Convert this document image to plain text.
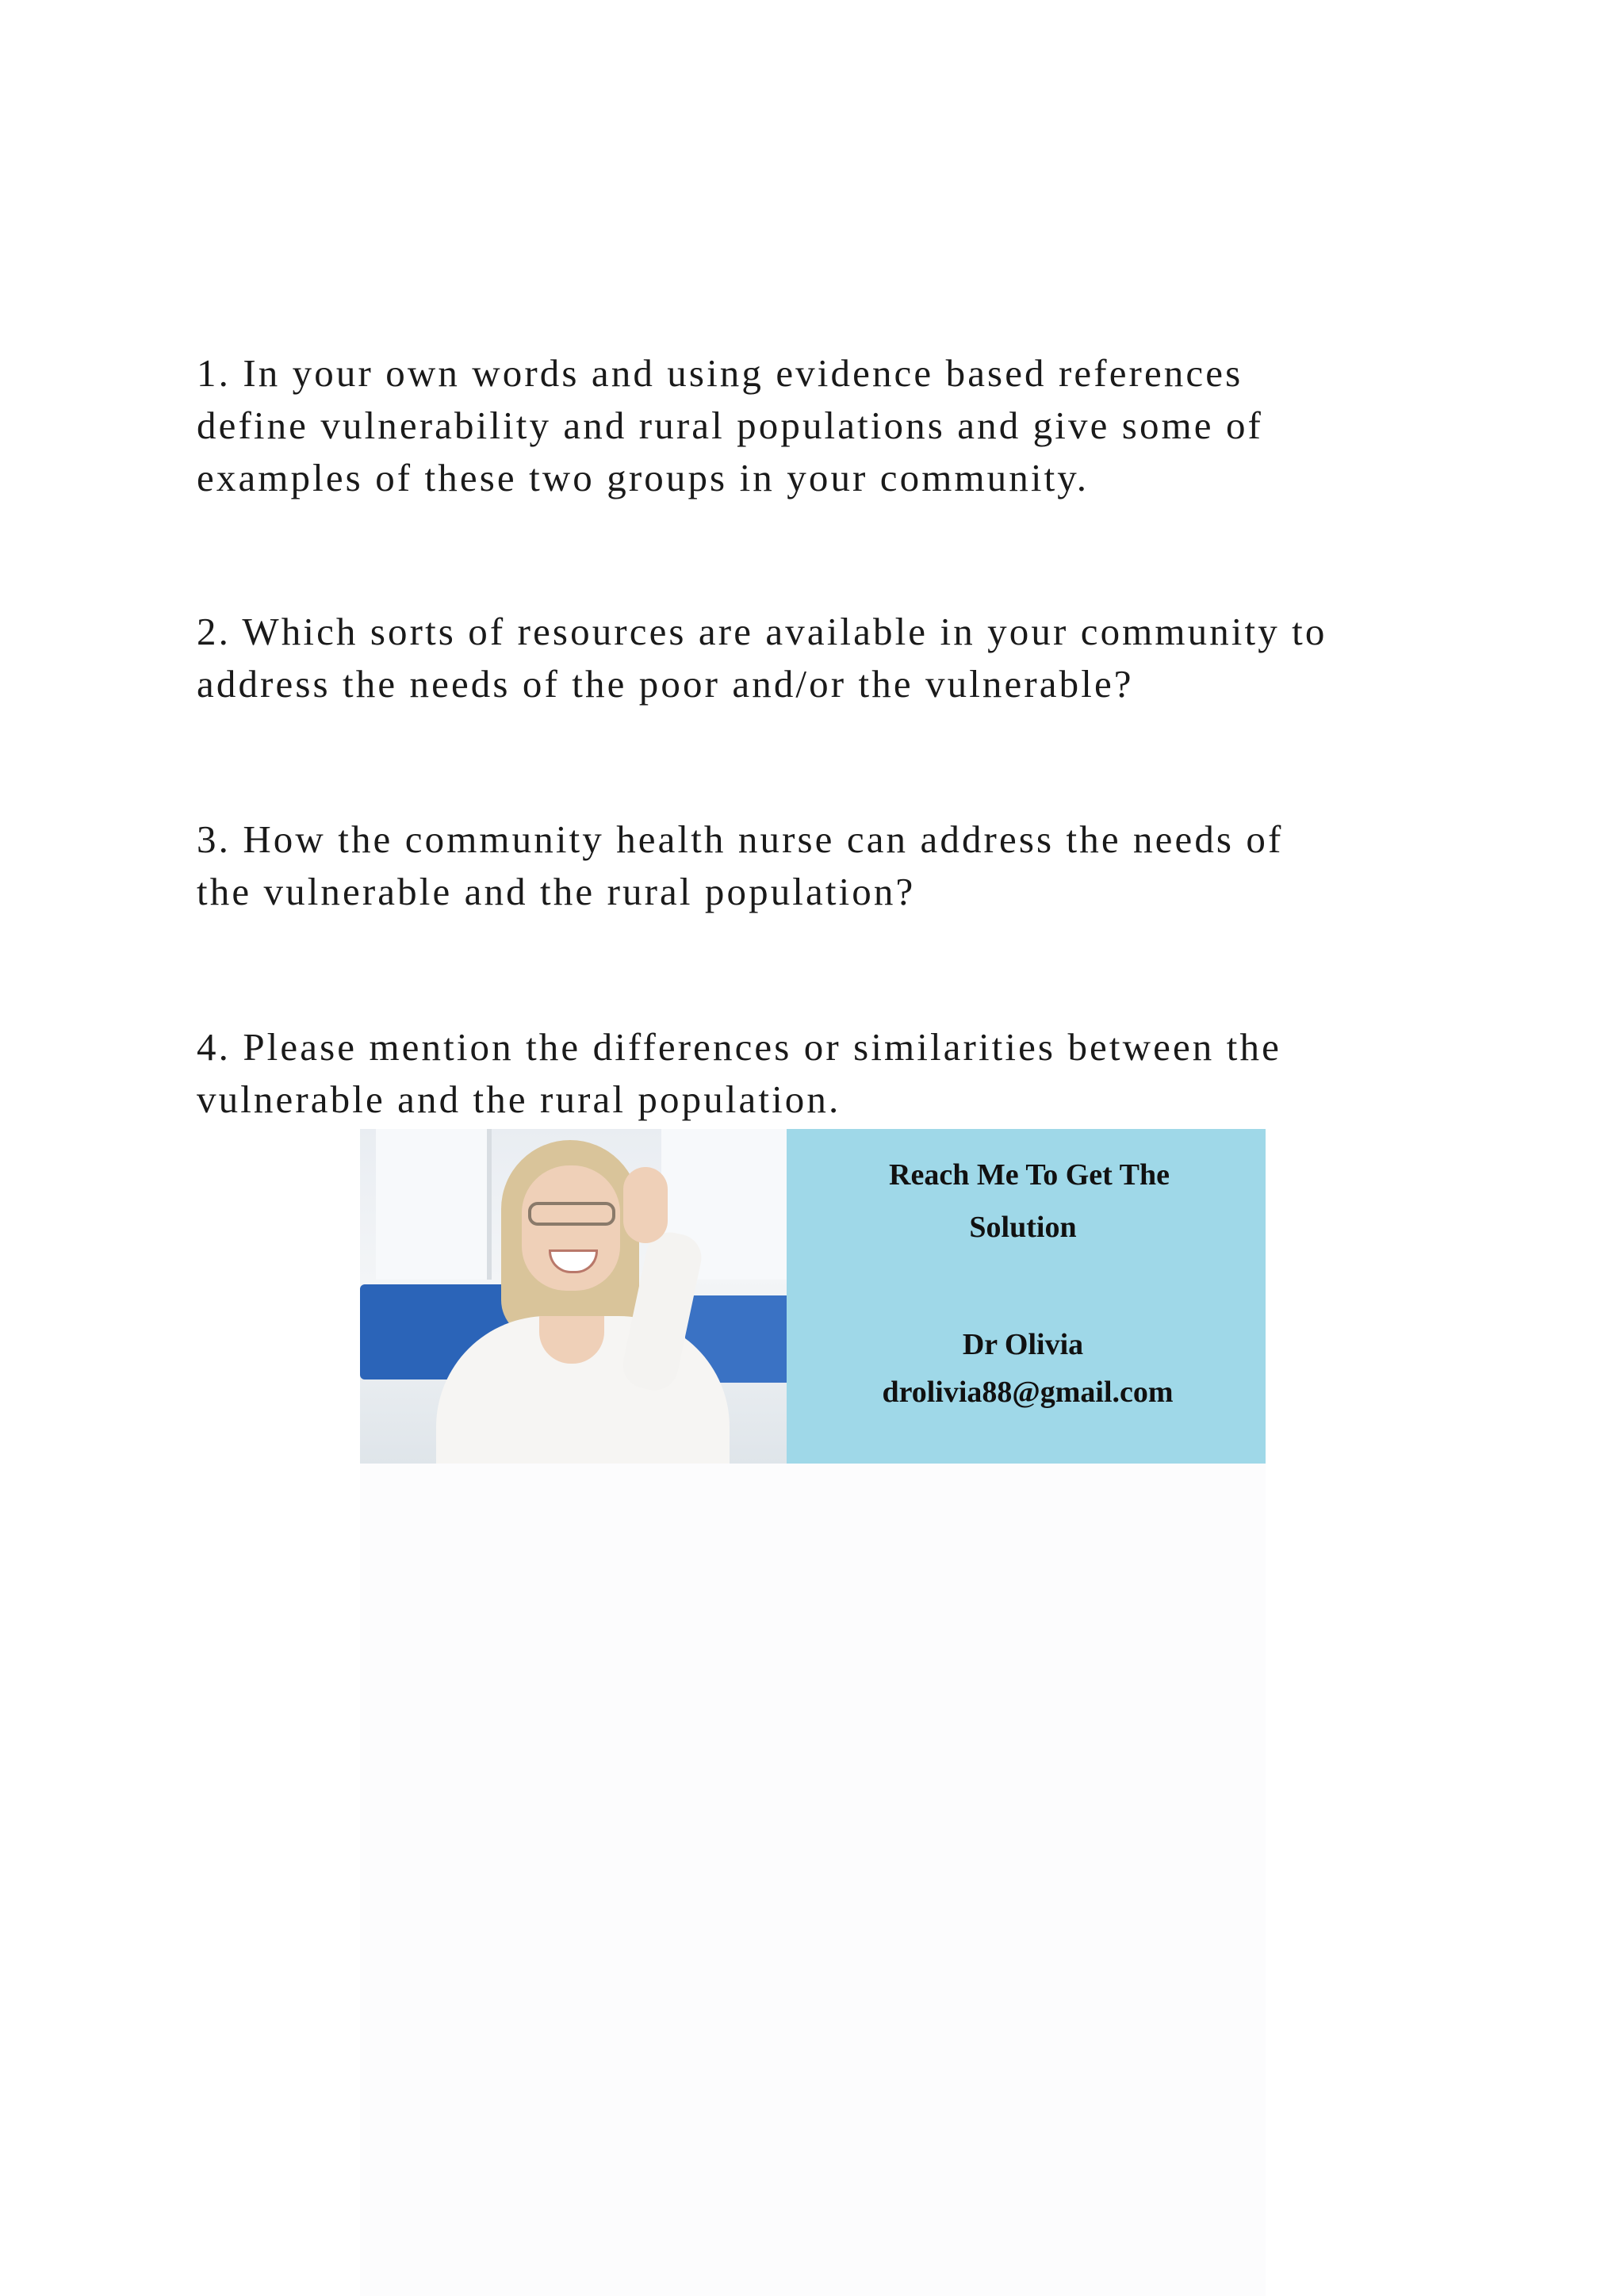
1. In your own words and using evidence based references
define vulnerability and rural populations and give some of
examples of these two groups in your community.

2. Which sorts of resources are available in your community to
address the needs of the poor and/or the vulnerable?

3. How the community health nurse can address the needs of
the vulnerable and the rural population?

4. Please mention the differences or similarities between the
vulnerable and the rural population.

Reach Me To Get The
Solution
Dr Olivia
drolivia88@gmail.com
